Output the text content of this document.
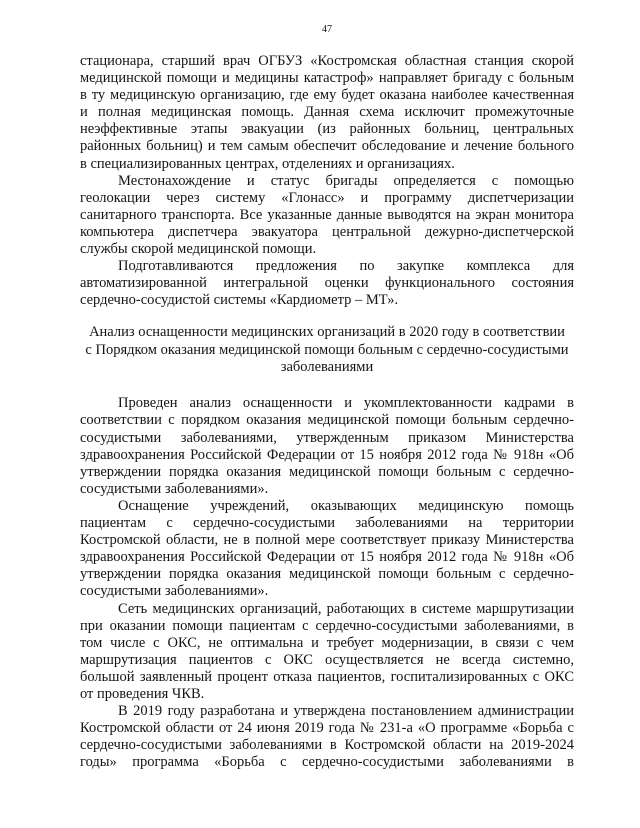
47
стационара, старший врач ОГБУЗ «Костромская областная станция скорой
медицинской помощи и медицины катастроф» направляет бригаду с больным
в ту медицинскую организацию, где ему будет оказана наиболее качественная
и полная медицинская помощь. Данная схема исключит промежуточные
неэффективные этапы эвакуации (из районных больниц, центральных
районных больниц) и тем самым обеспечит обследование и лечение больного
в специализированных центрах, отделениях и организациях.
Местонахождение и статус бригады определяется с помощью
геолокации через систему «Глонасс» и программу диспетчеризации
санитарного транспорта. Все указанные данные выводятся на экран монитора
компьютера диспетчера эвакуатора центральной дежурно-диспетчерской
службы скорой медицинской помощи.
Подготавливаются предложения по закупке комплекса для
автоматизированной интегральной оценки функционального состояния
сердечно-сосудистой системы «Кардиометр – МТ».
Анализ оснащенности медицинских организаций в 2020 году в соответствии
с Порядком оказания медицинской помощи больным с сердечно-сосудистыми
заболеваниями
Проведен анализ оснащенности и укомплектованности кадрами в
соответствии с порядком оказания медицинской помощи больным сердечно-
сосудистыми заболеваниями, утвержденным приказом Министерства
здравоохранения Российской Федерации от 15 ноября 2012 года № 918н «Об
утверждении порядка оказания медицинской помощи больным с сердечно-
сосудистыми заболеваниями».
Оснащение учреждений, оказывающих медицинскую помощь
пациентам с сердечно-сосудистыми заболеваниями на территории
Костромской области, не в полной мере соответствует приказу Министерства
здравоохранения Российской Федерации от 15 ноября 2012 года № 918н «Об
утверждении порядка оказания медицинской помощи больным с сердечно-
сосудистыми заболеваниями».
Сеть медицинских организаций, работающих в системе маршрутизации
при оказании помощи пациентам с сердечно-сосудистыми заболеваниями, в
том числе с ОКС, не оптимальна и требует модернизации, в связи с чем
маршрутизация пациентов с ОКС осуществляется не всегда системно,
большой заявленный процент отказа пациентов, госпитализированных с ОКС
от проведения ЧКВ.
В 2019 году разработана и утверждена постановлением администрации
Костромской области от 24 июня 2019 года № 231-а «О программе «Борьба с
сердечно-сосудистыми заболеваниями в Костромской области на 2019-2024
годы» программа «Борьба с сердечно-сосудистыми заболеваниями в
